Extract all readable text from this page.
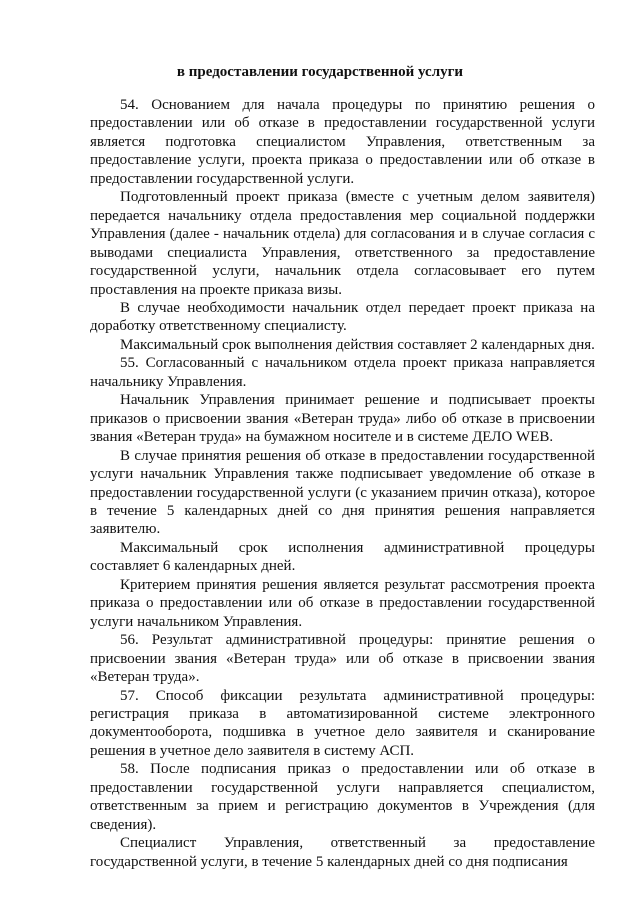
в предоставлении государственной услуги

54. Основанием для начала процедуры по принятию решения о предоставлении или об отказе в предоставлении государственной услуги является подготовка специалистом Управления, ответственным за предоставление услуги, проекта приказа о предоставлении или об отказе в предоставлении государственной услуги.

Подготовленный проект приказа (вместе с учетным делом заявителя) передается начальнику отдела предоставления мер социальной поддержки Управления (далее - начальник отдела) для согласования и в случае согласия с выводами специалиста Управления, ответственного за предоставление государственной услуги, начальник отдела согласовывает его путем проставления на проекте приказа визы.

В случае необходимости начальник отдел передает проект приказа на доработку ответственному специалисту.

Максимальный срок выполнения действия составляет 2 календарных дня.

55. Согласованный с начальником отдела проект приказа направляется начальнику Управления.

Начальник Управления принимает решение и подписывает проекты приказов о присвоении звания «Ветеран труда» либо об отказе в присвоении звания «Ветеран труда» на бумажном носителе и в системе ДЕЛО WEB.

В случае принятия решения об отказе в предоставлении государственной услуги начальник Управления также подписывает уведомление об отказе в предоставлении государственной услуги (с указанием причин отказа), которое в течение 5 календарных дней со дня принятия решения направляется заявителю.

Максимальный срок исполнения административной процедуры составляет 6 календарных дней.

Критерием принятия решения является результат рассмотрения проекта приказа о предоставлении или об отказе в предоставлении государственной услуги начальником Управления.

56. Результат административной процедуры: принятие решения о присвоении звания «Ветеран труда» или об отказе в присвоении звания «Ветеран труда».

57. Способ фиксации результата административной процедуры: регистрация приказа в автоматизированной системе электронного документооборота, подшивка в учетное дело заявителя и сканирование решения в учетное дело заявителя в систему АСП.

58. После подписания приказ о предоставлении или об отказе в предоставлении государственной услуги направляется специалистом, ответственным за прием и регистрацию документов в Учреждения (для сведения).

Специалист Управления, ответственный за предоставление государственной услуги, в течение 5 календарных дней со дня подписания
